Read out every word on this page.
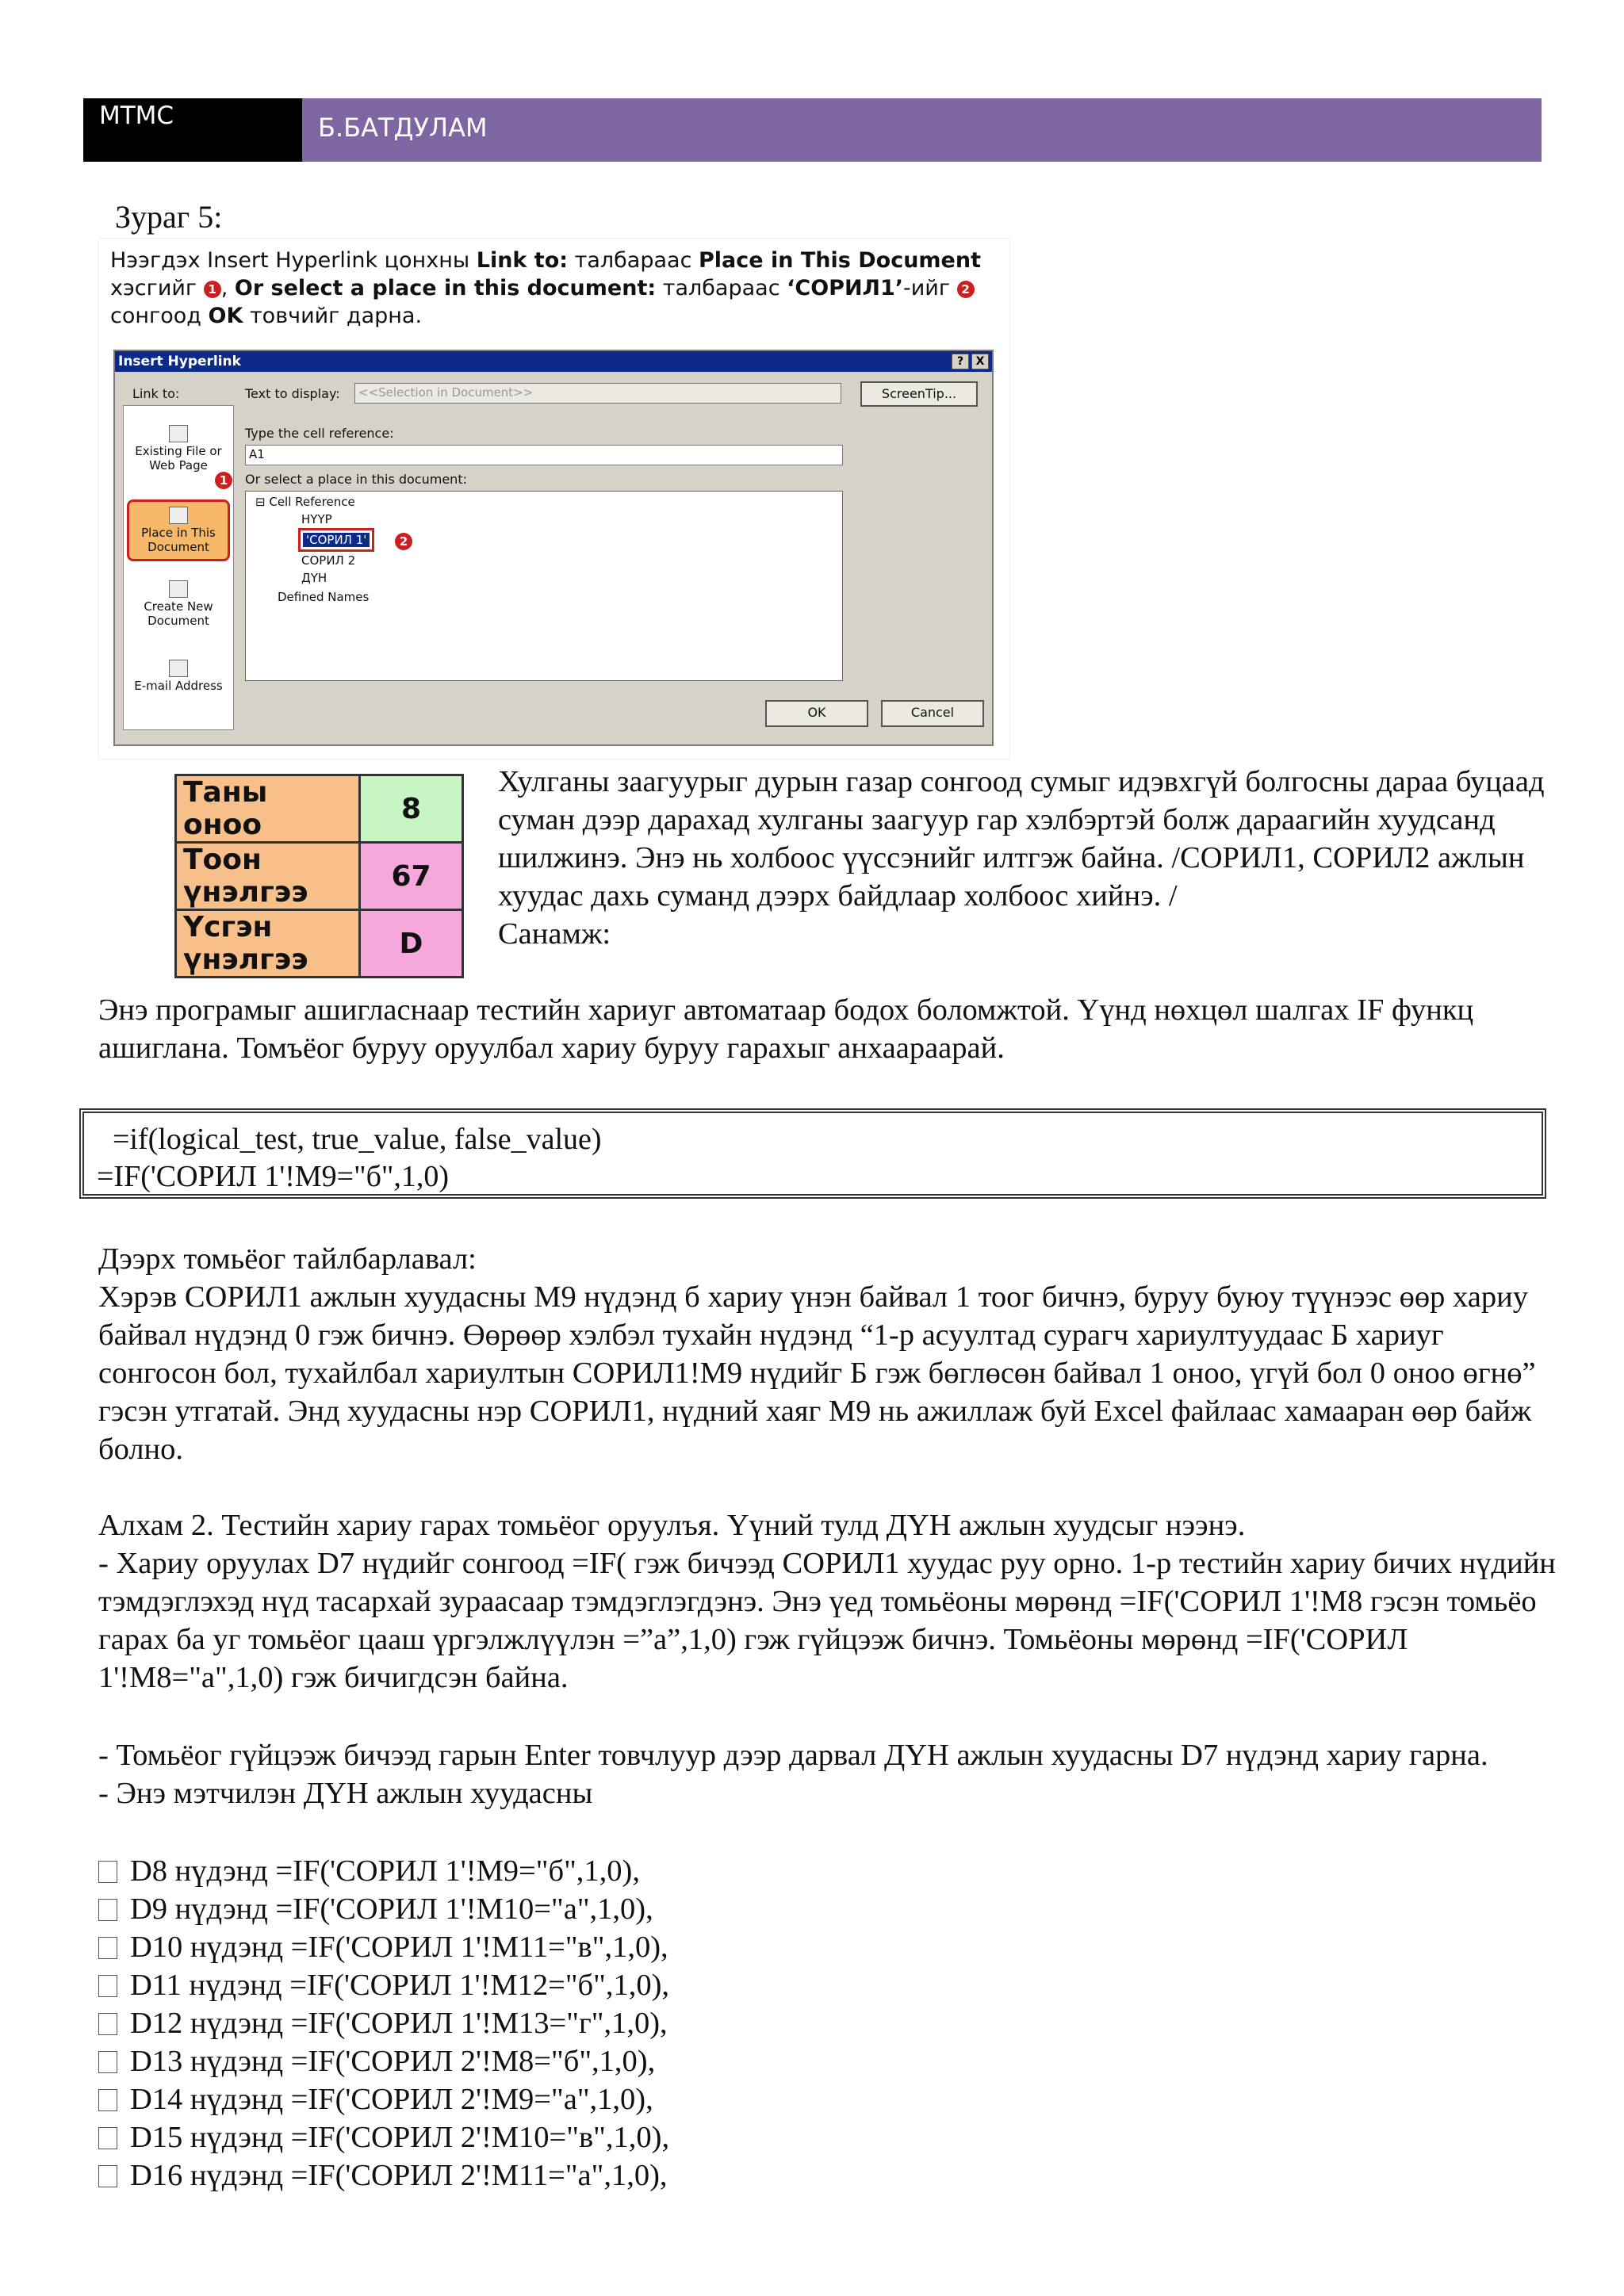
MTMC	Б.БАТДУЛАМ
Зураг 5:
Нээгдэх Insert Hyperlink цонхны Link to: талбараас Place in This Document
хэсгийг 1 , Or select a place in this document: талбараас ‘СОРИЛ1’-ийг 2
сонгоод OK товчийг дарна.
Insert Hyperlink	?	X
Link to:	Text to display:	<<Selection in Document>>	ScreenTip...
Existing File or Web Page
Place in This Document
Create New Document
E-mail Address
1
Type the cell reference:
A1
Or select a place in this document:
⊟ Cell Reference
НҮҮР
'СОРИЛ 1'
СОРИЛ 2
ДҮН
Defined Names
2
OK	Cancel
Таны оноо	8
Тоон үнэлгээ	67
Үсгэн үнэлгээ	D
Хулганы заагуурыг дурын газар сонгоод сумыг идэвхгүй болгосны дараа буцаад суман дээр дарахад хулганы заагуур гар хэлбэртэй болж дараагийн хуудсанд шилжинэ. Энэ нь холбоос үүссэнийг илтгэж байна. /СОРИЛ1, СОРИЛ2 ажлын хуудас дахь суманд дээрх байдлаар холбоос хийнэ. /
Санамж:
Энэ програмыг ашигласнаар тестийн хариуг автоматаар бодох боломжтой. Үүнд нөхцөл шалгах IF функц ашиглана. Томъёог буруу оруулбал хариу буруу гарахыг анхаараарай.
=if(logical_test, true_value, false_value)
=IF('СОРИЛ 1'!M9="б",1,0)
Дээрх томьёог тайлбарлавал:
Хэрэв СОРИЛ1 ажлын хуудасны M9 нүдэнд б хариу үнэн байвал 1 тоог бичнэ, буруу буюу түүнээс өөр хариу байвал нүдэнд 0 гэж бичнэ. Өөрөөр хэлбэл тухайн нүдэнд “1-р асуултад сурагч хариултуудаас Б хариуг сонгосон бол, тухайлбал хариултын СОРИЛ1!M9 нүдийг Б гэж бөглөсөн байвал 1 оноо, үгүй бол 0 оноо өгнө” гэсэн утгатай. Энд хуудасны нэр СОРИЛ1, нүдний хаяг M9 нь ажиллаж буй Excel файлаас хамааран өөр байж болно.
Алхам 2. Тестийн хариу гарах томьёог оруулъя. Үүний тулд ДҮН ажлын хуудсыг нээнэ.
- Хариу оруулах D7 нүдийг сонгоод =IF( гэж бичээд СОРИЛ1 хуудас руу орно. 1-р тестийн хариу бичих нүдийн тэмдэглэхэд нүд тасархай зураасаар тэмдэглэгдэнэ. Энэ үед томьёоны мөрөнд =IF('СОРИЛ 1'!M8 гэсэн томьёо гарах ба уг томьёог цааш үргэлжлүүлэн =”а”,1,0) гэж гүйцээж бичнэ. Томьёоны мөрөнд =IF('СОРИЛ 1'!M8="а",1,0) гэж бичигдсэн байна.
- Томьёог гүйцээж бичээд гарын Enter товчлуур дээр дарвал ДҮН ажлын хуудасны D7 нүдэнд хариу гарна.
- Энэ мэтчилэн ДҮН ажлын хуудасны
D8 нүдэнд =IF('СОРИЛ 1'!M9="б",1,0),
D9 нүдэнд =IF('СОРИЛ 1'!M10="а",1,0),
D10 нүдэнд =IF('СОРИЛ 1'!M11="в",1,0),
D11 нүдэнд =IF('СОРИЛ 1'!M12="б",1,0),
D12 нүдэнд =IF('СОРИЛ 1'!M13="г",1,0),
D13 нүдэнд =IF('СОРИЛ 2'!M8="б",1,0),
D14 нүдэнд =IF('СОРИЛ 2'!M9="а",1,0),
D15 нүдэнд =IF('СОРИЛ 2'!M10="в",1,0),
D16 нүдэнд =IF('СОРИЛ 2'!M11="а",1,0),
